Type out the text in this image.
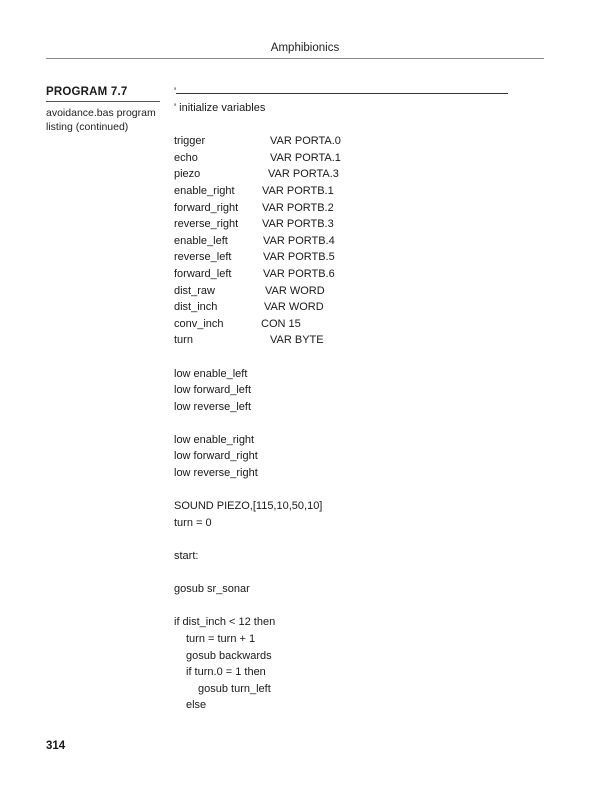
Amphibionics
PROGRAM 7.7
avoidance.bas program listing (continued)
'
' initialize variables
trigger	VAR PORTA.0
echo	VAR PORTA.1
piezo	VAR PORTA.3
enable_right VAR PORTB.1
forward_right VAR PORTB.2
reverse_right VAR PORTB.3
enable_left	VAR PORTB.4
reverse_left	VAR PORTB.5
forward_left	VAR PORTB.6
dist_raw	VAR WORD
dist_inch	VAR WORD
conv_inch	CON 15
turn	VAR BYTE
low enable_left
low forward_left
low reverse_left
low enable_right
low forward_right
low reverse_right
SOUND PIEZO,[115,10,50,10]
turn = 0
start:
gosub sr_sonar
if dist_inch < 12 then
turn = turn + 1
gosub backwards
if turn.0 = 1 then
gosub turn_left
else
314
